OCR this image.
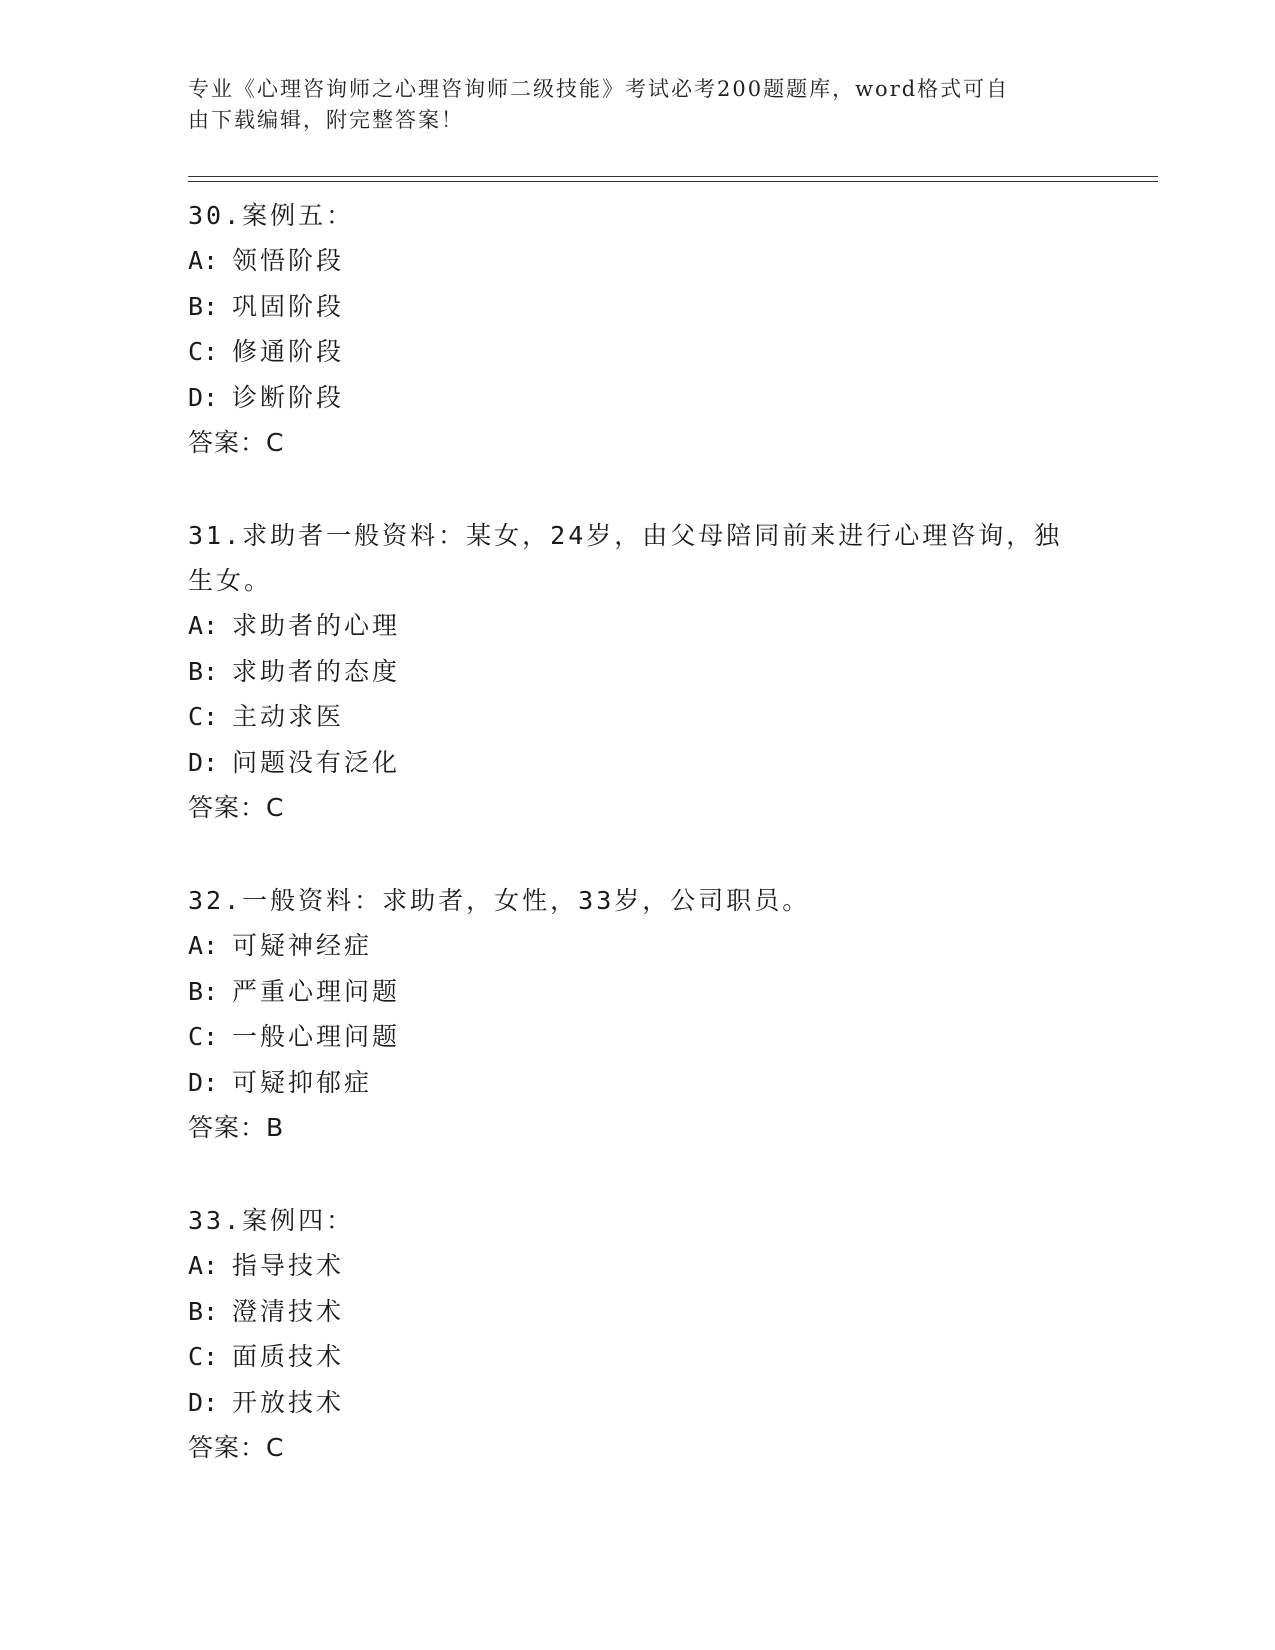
专业《心理咨询师之心理咨询师二级技能》考试必考200题题库，word格式可自
由下载编辑，附完整答案！

30.案例五：

A: 领悟阶段

B: 巩固阶段

C: 修通阶段

D: 诊断阶段

答案：C

31.求助者一般资料：某女，24岁，由父母陪同前来进行心理咨询，独生女。

A: 求助者的心理

B: 求助者的态度

C: 主动求医

D: 问题没有泛化

答案：C

32.一般资料：求助者，女性，33岁，公司职员。

A: 可疑神经症

B: 严重心理问题

C: 一般心理问题

D: 可疑抑郁症

答案：B

33.案例四：

A: 指导技术

B: 澄清技术

C: 面质技术

D: 开放技术

答案：C
